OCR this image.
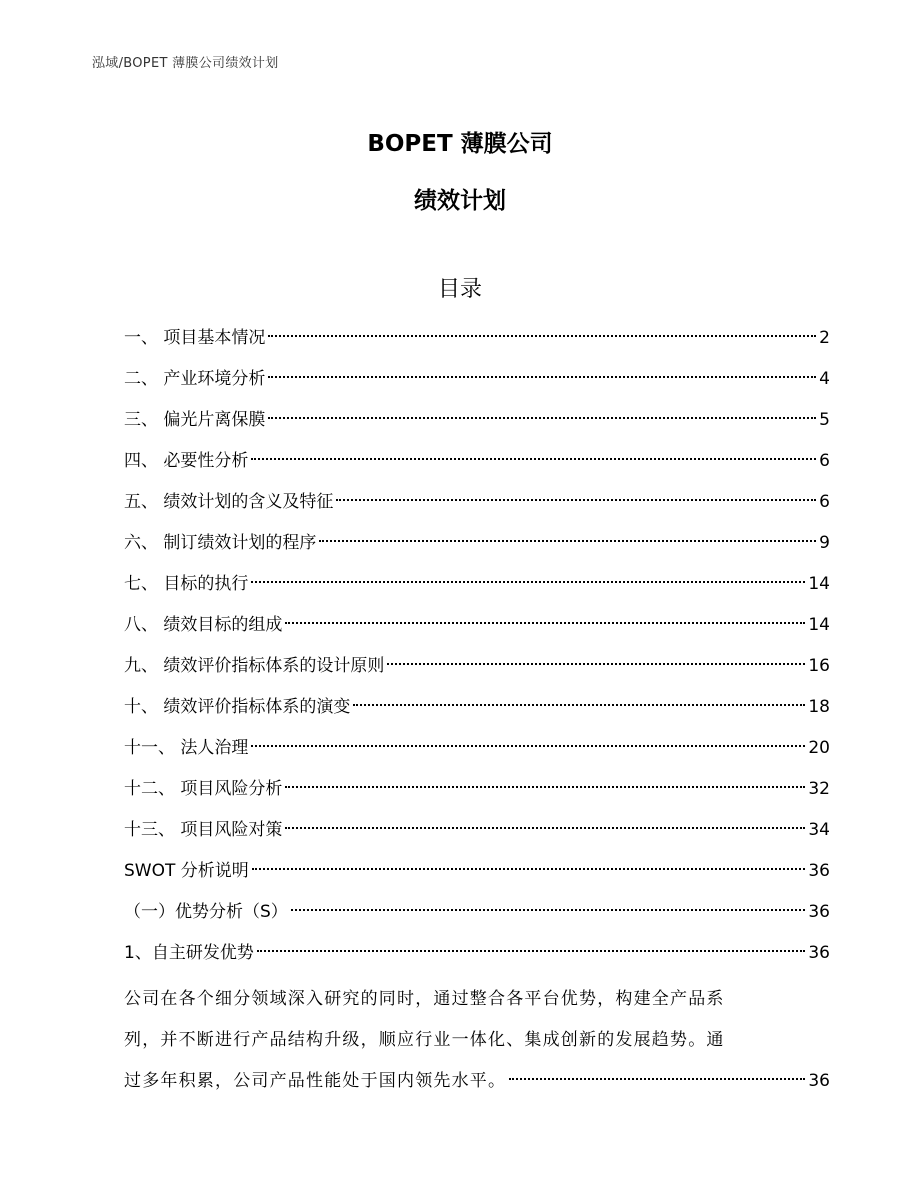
泓域/BOPET 薄膜公司绩效计划
BOPET 薄膜公司
绩效计划
目录
一、 项目基本情况	2
二、 产业环境分析	4
三、 偏光片离保膜	5
四、 必要性分析	6
五、 绩效计划的含义及特征	6
六、 制订绩效计划的程序	9
七、 目标的执行	14
八、 绩效目标的组成	14
九、 绩效评价指标体系的设计原则	16
十、 绩效评价指标体系的演变	18
十一、 法人治理	20
十二、 项目风险分析	32
十三、 项目风险对策	34
SWOT 分析说明	36
（一）优势分析（S）	36
1、自主研发优势	36
公司在各个细分领域深入研究的同时，通过整合各平台优势，构建全产品系
列，并不断进行产品结构升级，顺应行业一体化、集成创新的发展趋势。通
过多年积累，公司产品性能处于国内领先水平。	36
